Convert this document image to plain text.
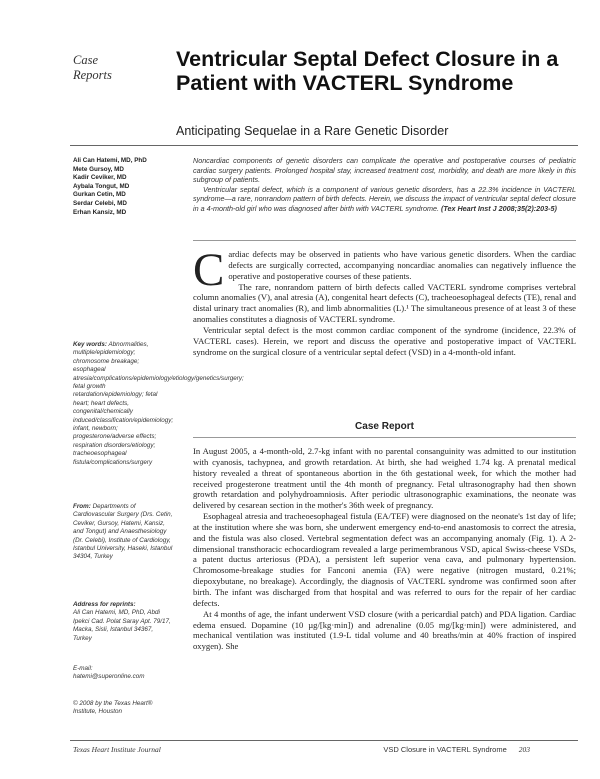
Case
Reports
Ventricular Septal Defect Closure in a Patient with VACTERL Syndrome
Anticipating Sequelae in a Rare Genetic Disorder
Ali Can Hatemi, MD, PhD
Mete Gursoy, MD
Kadir Ceviker, MD
Aybala Tongut, MD
Gurkan Cetin, MD
Serdar Celebi, MD
Erhan Kansiz, MD

Noncardiac components of genetic disorders can complicate the operative and postoperative courses of pediatric cardiac surgery patients. Prolonged hospital stay, increased treatment cost, morbidity, and death are more likely in this subgroup of patients.

Ventricular septal defect, which is a component of various genetic disorders, has a 22.3% incidence in VACTERL syndrome—a rare, nonrandom pattern of birth defects. Herein, we discuss the impact of ventricular septal defect closure in a 4-month-old girl who was diagnosed after birth with VACTERL syndrome. (Tex Heart Inst J 2008;35(2):203-5)

Cardiac defects may be observed in patients who have various genetic disorders. When the cardiac defects are surgically corrected, accompanying noncardiac anomalies can negatively influence the operative and postoperative courses of these patients.

The rare, nonrandom pattern of birth defects called VACTERL syndrome comprises vertebral column anomalies (V), anal atresia (A), congenital heart defects (C), tracheoesophageal defects (TE), renal and distal urinary tract anomalies (R), and limb abnormalities (L).¹ The simultaneous presence of at least 3 of these anomalies constitutes a diagnosis of VACTERL syndrome.

Ventricular septal defect is the most common cardiac component of the syndrome (incidence, 22.3% of VACTERL cases). Herein, we report and discuss the operative and postoperative impact of VACTERL syndrome on the surgical closure of a ventricular septal defect (VSD) in a 4-month-old infant.

Case Report

In August 2005, a 4-month-old, 2.7-kg infant with no parental consanguinity was admitted to our institution with cyanosis, tachypnea, and growth retardation. At birth, she had weighed 1.74 kg. A prenatal medical history revealed a threat of spontaneous abortion in the 6th gestational week, for which the mother had received progesterone treatment until the 4th month of pregnancy. Fetal ultrasonography had then shown growth retardation and polyhydroamniosis. After periodic ultrasonographic examinations, the neonate was delivered by cesarean section in the mother's 36th week of pregnancy.

Esophageal atresia and tracheoesophageal fistula (EA/TEF) were diagnosed on the neonate's 1st day of life; at the institution where she was born, she underwent emergency end-to-end anastomosis to correct the atresia, and the fistula was also closed. Vertebral segmentation defect was an accompanying anomaly (Fig. 1). A 2-dimensional transthoracic echocardiogram revealed a large perimembranous VSD, apical Swiss-cheese VSDs, a patent ductus arteriosus (PDA), a persistent left superior vena cava, and pulmonary hypertension. Chromosome-breakage studies for Fanconi anemia (FA) were negative (nitrogen mustard, 0.21%; diepoxybutane, no breakage). Accordingly, the diagnosis of VACTERL syndrome was confirmed soon after birth. The infant was discharged from that hospital and was referred to ours for the repair of her cardiac defects.

At 4 months of age, the infant underwent VSD closure (with a pericardial patch) and PDA ligation. Cardiac edema ensued. Dopamine (10 µg/[kg·min]) and adrenaline (0.05 mg/[kg·min]) were administered, and mechanical ventilation was instituted (1.9-L tidal volume and 40 breaths/min at 40% fraction of inspired oxygen). She

Key words: Abnormalities, multiple/epidemiology; chromosome breakage; esophageal atresia/complications/epidemiology/etiology/genetics/surgery; fetal growth retardation/epidemiology; fetal heart; heart defects, congenital/chemically induced/classification/epidemiology; infant, newborn; progesterone/adverse effects; respiration disorders/etiology; tracheoesophageal fistula/complications/surgery

From: Departments of Cardiovascular Surgery (Drs. Cetin, Ceviker, Gursoy, Hatemi, Kansiz, and Tongut) and Anaesthesiology (Dr. Celebi), Institute of Cardiology, Istanbul University, Haseki, Istanbul 34304, Turkey

Address for reprints:

Ali Can Hatemi, MD, PhD, Abdi Ipekci Cad. Polat Saray Apt. 79/17, Macka, Sisli, Istanbul 34367, Turkey

E-mail:

hatemi@superonline.com

© 2008 by the Texas Heart® Institute, Houston
Texas Heart Institute Journal	VSD Closure in VACTERL Syndrome 203
